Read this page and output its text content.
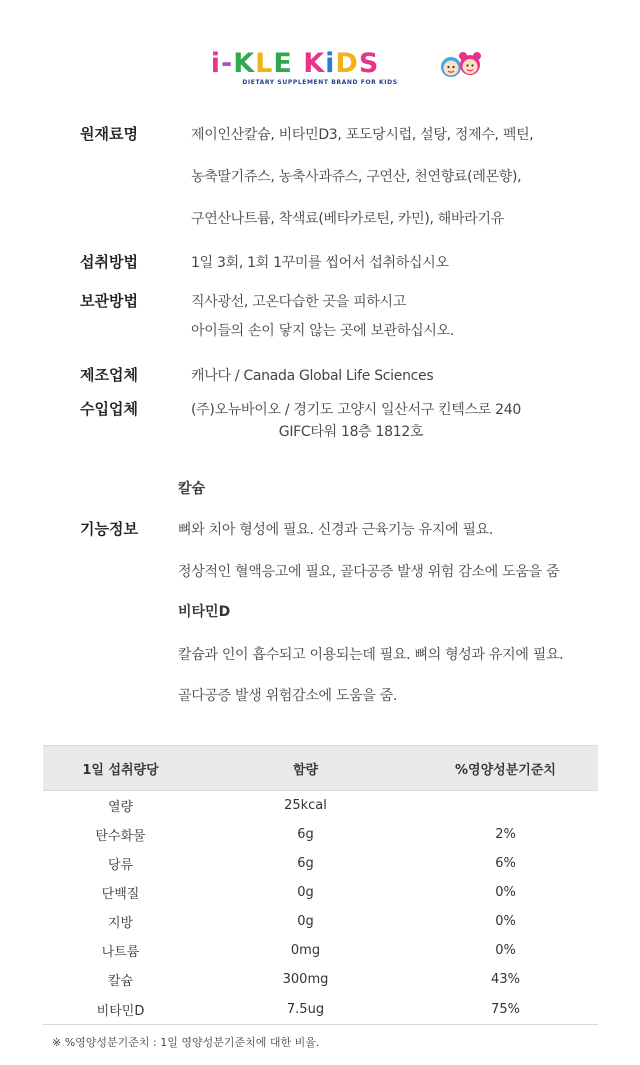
i-KLE KiDS
DIETARY SUPPLEMENT BRAND FOR KIDS
원재료명	제이인산칼슘, 비타민D3, 포도당시럽, 설탕, 정제수, 펙틴,
농축딸기쥬스, 농축사과쥬스, 구연산, 천연향료(레몬향),
구연산나트륨, 착색료(베타카로틴, 카민), 해바라기유
섭취방법	1일 3회, 1회 1꾸미를 씹어서 섭취하십시오
보관방법	직사광선, 고온다습한 곳을 피하시고
아이들의 손이 닿지 않는 곳에 보관하십시오.
제조업체	캐나다 / Canada Global Life Sciences
수입업체	(주)오뉴바이오 / 경기도 고양시 일산서구 킨텍스로 240
GIFC타워 18층 1812호
칼슘
기능정보	뼈와 치아 형성에 필요. 신경과 근육기능 유지에 필요.
정상적인 혈액응고에 필요, 골다공증 발생 위험 감소에 도움을 줌
비타민D
칼슘과 인이 흡수되고 이용되는데 필요. 뼈의 형성과 유지에 필요.
골다공증 발생 위험감소에 도움을 줌.
1일 섭취량당	함량	%영양성분기준치
열량	25kcal	
탄수화물	6g	2%
당류	6g	6%
단백질	0g	0%
지방	0g	0%
나트륨	0mg	0%
칼슘	300mg	43%
비타민D	7.5ug	75%
※ %영양성분기준치 : 1일 영양성분기준치에 대한 비율.
